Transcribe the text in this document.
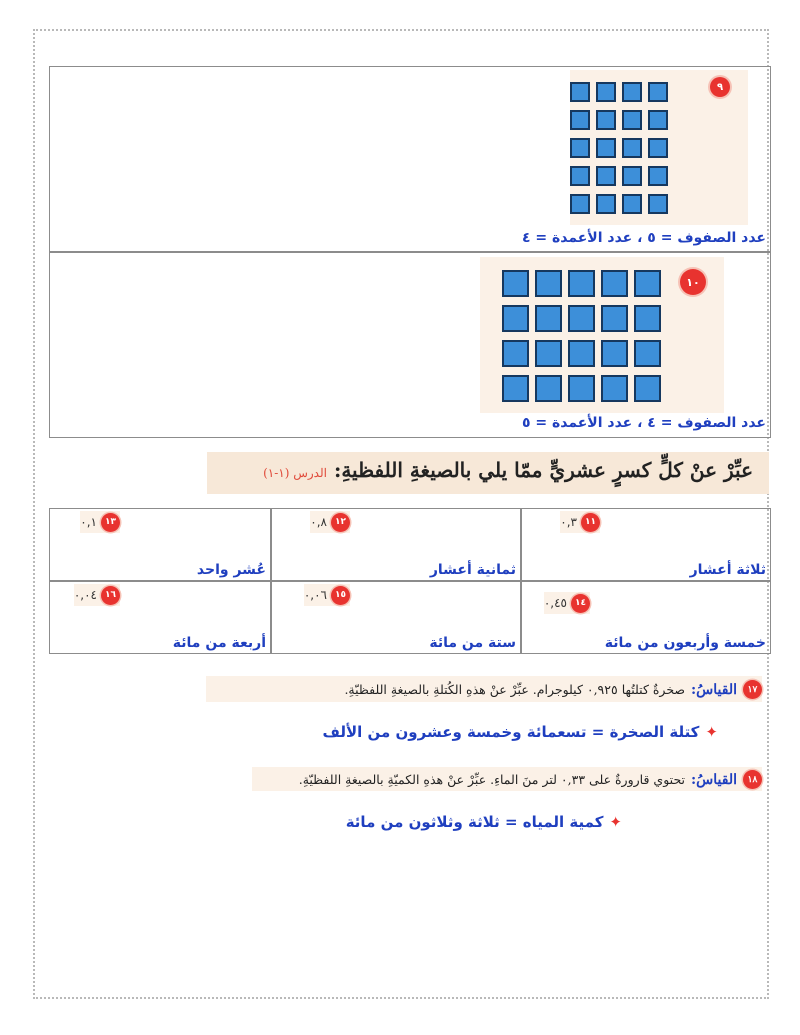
٩
عدد الصفوف = ٥ ، عدد الأعمدة = ٤
١٠
عدد الصفوف = ٤ ، عدد الأعمدة = ٥
عبِّرْ عنْ كلٍّ كسرٍ عشريٍّ ممّا يلي بالصيغةِ اللفظيةِ: الدرس (١-١)
٠,٣ ١١
ثلاثة أعشار
٠,٨ ١٢
ثمانية أعشار
٠,١ ١٣
عُشر واحد
٠,٤٥ ١٤
خمسة وأربعون من مائة
٠,٠٦ ١٥
ستة من مائة
٠,٠٤ ١٦
أربعة من مائة
١٧
القياسُ:
صخرةٌ كتلتُها ٠,٩٢٥ كيلوجرام. عبِّرْ عنْ هذهِ الكُتلةِ بالصيغةِ اللفظيّةِ.
✦كتلة الصخرة = تسعمائة وخمسة وعشرون من الألف
١٨
القياسُ:
تحتوي قارورةٌ على ٠,٣٣ لتر منَ الماءِ. عبِّرْ عنْ هذهِ الكميّةِ بالصيغةِ اللفظيّةِ.
✦كمية المياه = ثلاثة وثلاثون من مائة
